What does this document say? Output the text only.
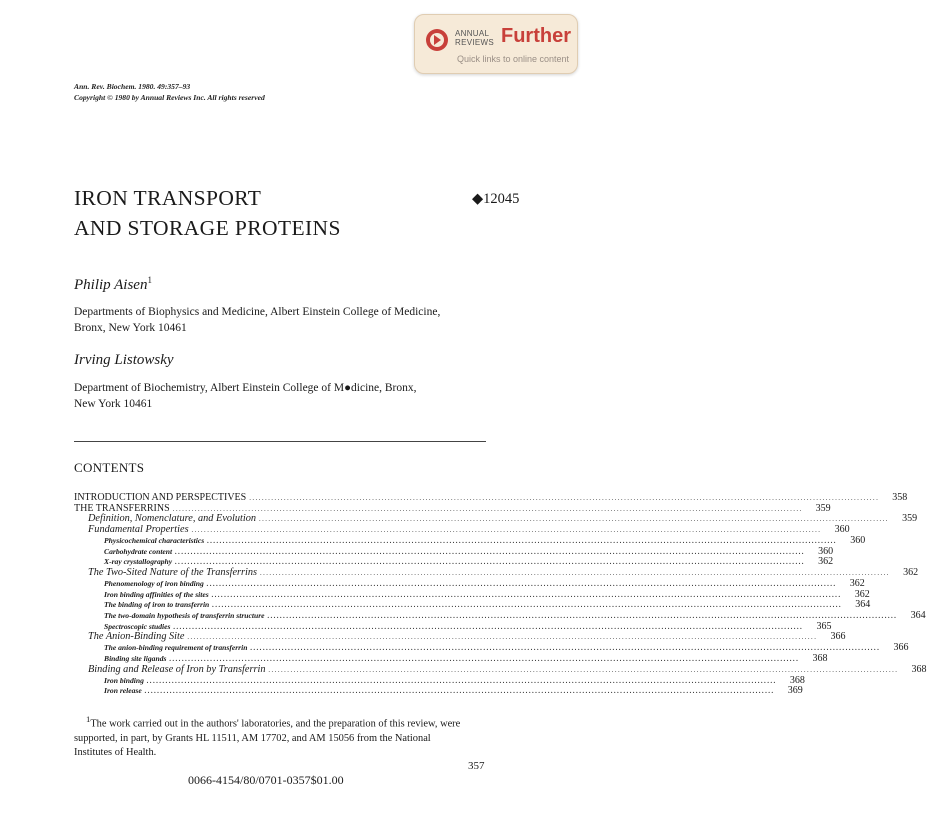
ANNUAL
REVIEWS Further
Quick links to online content
Ann. Rev. Biochem. 1980. 49:357–93
Copyright © 1980 by Annual Reviews Inc. All rights reserved
IRON TRANSPORT
AND STORAGE PROTEINS
◆12045
Philip Aisen$^1$
Departments of Biophysics and Medicine, Albert Einstein College of Medicine,
Bronx, New York 10461
Irving Listowsky
Department of Biochemistry, Albert Einstein College of M●dicine, Bronx,
New York 10461
CONTENTS
INTRODUCTION AND PERSPECTIVES ........................................................................................................................................................................................................	358
THE TRANSFERRINS ........................................................................................................................................................................................................	359
Definition, Nomenclature, and Evolution ........................................................................................................................................................................................................	359
Fundamental Properties ........................................................................................................................................................................................................	360
Physicochemical characteristics ........................................................................................................................................................................................................	360
Carbohydrate content ........................................................................................................................................................................................................	360
X-ray crystallography ........................................................................................................................................................................................................	362
The Two-Sited Nature of the Transferrins ........................................................................................................................................................................................................	362
Phenomenology of iron binding ........................................................................................................................................................................................................	362
Iron binding affinities of the sites ........................................................................................................................................................................................................	362
The binding of iron to transferrin ........................................................................................................................................................................................................	364
The two-domain hypothesis of transferrin structure ........................................................................................................................................................................................................	364
Spectroscopic studies ........................................................................................................................................................................................................	365
The Anion-Binding Site ........................................................................................................................................................................................................	366
The anion-binding requirement of transferrin ........................................................................................................................................................................................................	366
Binding site ligands ........................................................................................................................................................................................................	368
Binding and Release of Iron by Transferrin ........................................................................................................................................................................................................	368
Iron binding ........................................................................................................................................................................................................	368
Iron release ........................................................................................................................................................................................................	369
$^1$The work carried out in the authors' laboratories, and the preparation of this review, were
supported, in part, by Grants HL 11511, AM 17702, and AM 15056 from the National
Institutes of Health.
357
0066-4154/80/0701-0357$01.00
